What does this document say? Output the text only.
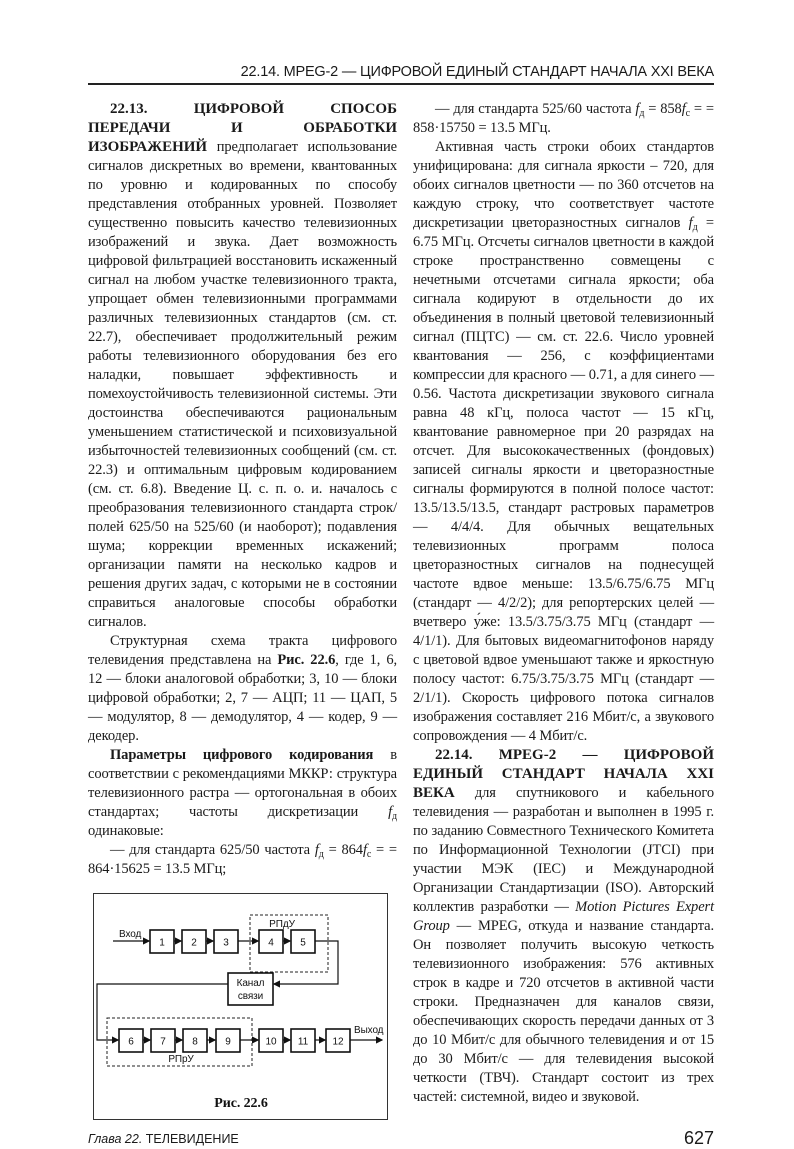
22.14. MPEG-2 — ЦИФРОВОЙ ЕДИНЫЙ СТАНДАРТ НАЧАЛА XXI ВЕКА

22.13. ЦИФРОВОЙ СПОСОБ ПЕРЕДАЧИ И ОБРАБОТКИ ИЗОБРАЖЕНИЙ предполагает использование сигналов дискретных во времени, квантованных по уровню и кодированных по способу представления отобранных уровней. Позволяет существенно повысить качество телевизионных изображений и звука. Дает возможность цифровой фильтрацией восстановить искаженный сигнал на любом участке телевизионного тракта, упрощает обмен телевизионными программами различных телевизионных стандартов (см. ст. 22.7), обеспечивает продолжительный режим работы телевизионного оборудования без его наладки, повышает эффективность и помехоустойчивость телевизионной системы. Эти достоинства обеспечиваются рациональным уменьшением статистической и психовизуальной избыточностей телевизионных сообщений (см. ст. 22.3) и оптимальным цифровым кодированием (см. ст. 6.8). Введение Ц. с. п. о. и. началось с преобразования телевизионного стандарта строк/полей 625/50 на 525/60 (и наоборот); подавления шума; коррекции временных искажений; организации памяти на несколько кадров и решения других задач, с которыми не в состоянии справиться аналоговые способы обработки сигналов.

Структурная схема тракта цифрового телевидения представлена на Рис. 22.6, где 1, 6, 12 — блоки аналоговой обработки; 3, 10 — блоки цифровой обработки; 2, 7 — АЦП; 11 — ЦАП, 5 — модулятор, 8 — демодулятор, 4 — кодер, 9 — декодер.

Параметры цифрового кодирования в соответствии с рекомендациями МККР: структура телевизионного растра — ортогональная в обоих стандартах; частоты дискретизации $f_д$ одинаковые:

— для стандарта 625/50 частота $f_д = 864f_с$ = = 864·15625 = 13.5 МГц;

РПдУ
РПрУ
Вход
Выход
1	2	3	4	5
6	7	8	9	10 11 12
Канал
связи
Рис. 22.6

— для стандарта 525/60 частота $f_д = 858f_с$ = = 858·15750 = 13.5 МГц.

Активная часть строки обоих стандартов унифицирована: для сигнала яркости – 720, для обоих сигналов цветности — по 360 отсчетов на каждую строку, что соответствует частоте дискретизации цветоразностных сигналов $f_д = 6.75$ МГц. Отсчеты сигналов цветности в каждой строке пространственно совмещены с нечетными отсчетами сигнала яркости; оба сигнала кодируют в отдельности до их объединения в полный цветовой телевизионный сигнал (ПЦТС) — см. ст. 22.6. Число уровней квантования — 256, с коэффициентами компрессии для красного — 0.71, а для синего — 0.56. Частота дискретизации звукового сигнала равна 48 кГц, полоса частот — 15 кГц, квантование равномерное при 20 разрядах на отсчет. Для высококачественных (фондовых) записей сигналы яркости и цветоразностные сигналы формируются в полной полосе частот: 13.5/13.5/13.5, стандарт растровых параметров — 4/4/4. Для обычных вещательных телевизионных программ полоса цветоразностных сигналов на поднесущей частоте вдвое меньше: 13.5/6.75/6.75 МГц (стандарт — 4/2/2); для репортерских целей — вчетверо у́же: 13.5/3.75/3.75 МГц (стандарт — 4/1/1). Для бытовых видеомагнитофонов наряду с цветовой вдвое уменьшают также и яркостную полосу частот: 6.75/3.75/3.75 МГц (стандарт — 2/1/1). Скорость цифрового потока сигналов изображения составляет 216 Мбит/с, а звукового сопровождения — 4 Мбит/с.

22.14. MPEG-2 — ЦИФРОВОЙ ЕДИНЫЙ СТАНДАРТ НАЧАЛА XXI ВЕКА для спутникового и кабельного телевидения — разработан и выполнен в 1995 г. по заданию Совместного Технического Комитета по Информационной Технологии (JTCI) при участии МЭК (IEC) и Международной Организации Стандартизации (ISO). Авторский коллектив разработки — Motion Pictures Expert Group — MPEG, откуда и название стандарта. Он позволяет получить высокую четкость телевизионного изображения: 576 активных строк в кадре и 720 отсчетов в активной части строки. Предназначен для каналов связи, обеспечивающих скорость передачи данных от 3 до 10 Мбит/с для обычного телевидения и от 15 до 30 Мбит/с — для телевидения высокой четкости (ТВЧ). Стандарт состоит из трех частей: системной, видео и звуковой.

Глава 22. ТЕЛЕВИДЕНИЕ	627
